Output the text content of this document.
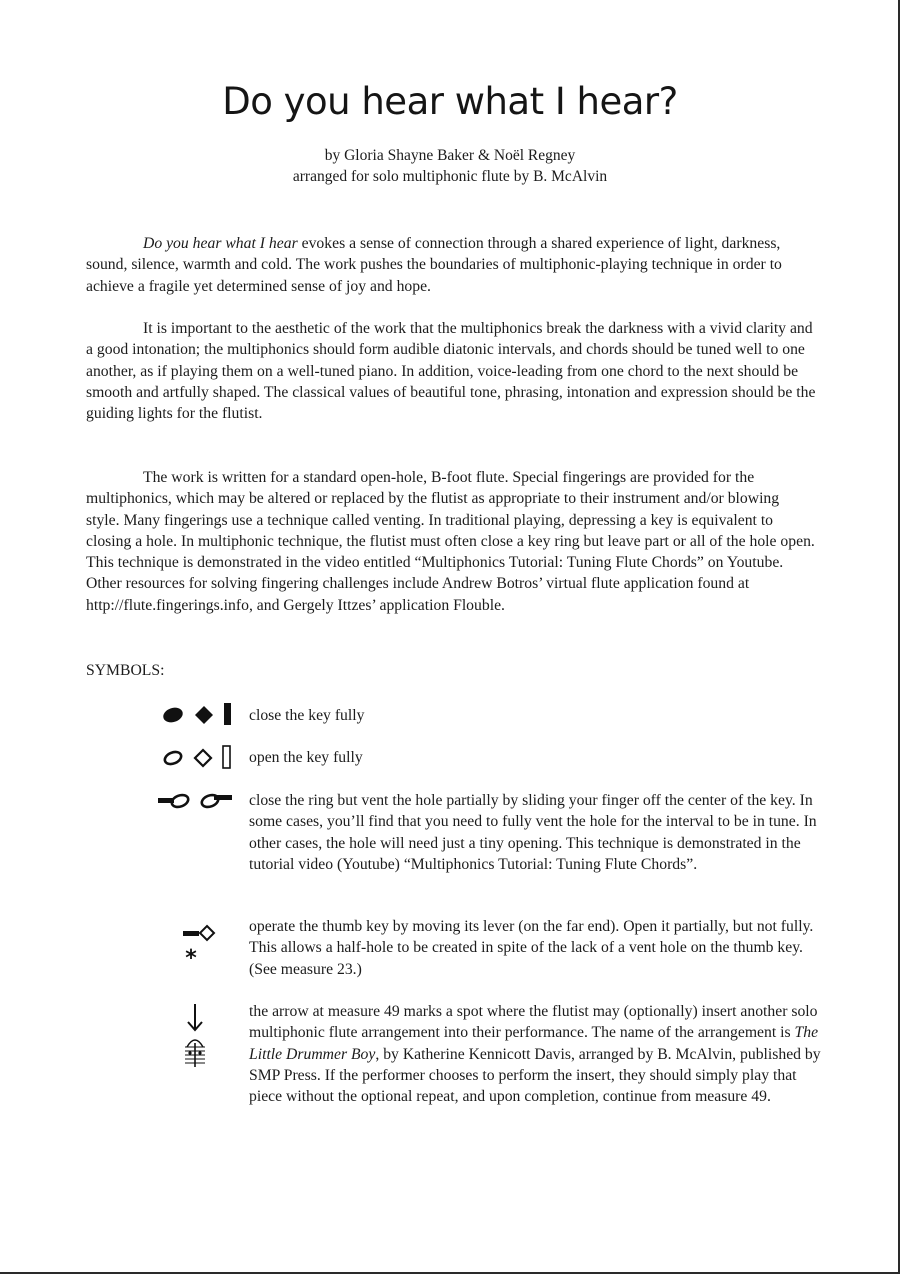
Do you hear what I hear?
by Gloria Shayne Baker & Noël Regney
arranged for solo multiphonic flute by B. McAlvin

Do you hear what I hear evokes a sense of connection through a shared experience of light, darkness, sound, silence, warmth and cold. The work pushes the boundaries of multiphonic-playing technique in order to achieve a fragile yet determined sense of joy and hope.

It is important to the aesthetic of the work that the multiphonics break the darkness with a vivid clarity and a good intonation; the multiphonics should form audible diatonic intervals, and chords should be tuned well to one another, as if playing them on a well-tuned piano. In addition, voice-leading from one chord to the next should be smooth and artfully shaped. The classical values of beautiful tone, phrasing, intonation and expression should be the guiding lights for the flutist.

The work is written for a standard open-hole, B-foot flute. Special fingerings are provided for the multiphonics, which may be altered or replaced by the flutist as appropriate to their instrument and/or blowing style. Many fingerings use a technique called venting. In traditional playing, depressing a key is equivalent to closing a hole. In multiphonic technique, the flutist must often close a key ring but leave part or all of the hole open. This technique is demonstrated in the video entitled “Multiphonics Tutorial: Tuning Flute Chords” on Youtube. Other resources for solving fingering challenges include Andrew Botros’ virtual flute application found at http://flute.fingerings.info, and Gergely Ittzes’ application Flouble.

SYMBOLS:

close the key fully

open the key fully

close the ring but vent the hole partially by sliding your finger off the center of the key. In some cases, you’ll find that you need to fully vent the hole for the interval to be in tune. In other cases, the hole will need just a tiny opening. This technique is demonstrated in the tutorial video (Youtube) “Multiphonics Tutorial: Tuning Flute Chords”.

*

operate the thumb key by moving its lever (on the far end). Open it partially, but not fully. This allows a half-hole to be created in spite of the lack of a vent hole on the thumb key. (See measure 23.)

the arrow at measure 49 marks a spot where the flutist may (optionally) insert another solo multiphonic flute arrangement into their performance. The name of the arrangement is The Little Drummer Boy, by Katherine Kennicott Davis, arranged by B. McAlvin, published by SMP Press. If the performer chooses to perform the insert, they should simply play that piece without the optional repeat, and upon completion, continue from measure 49.
